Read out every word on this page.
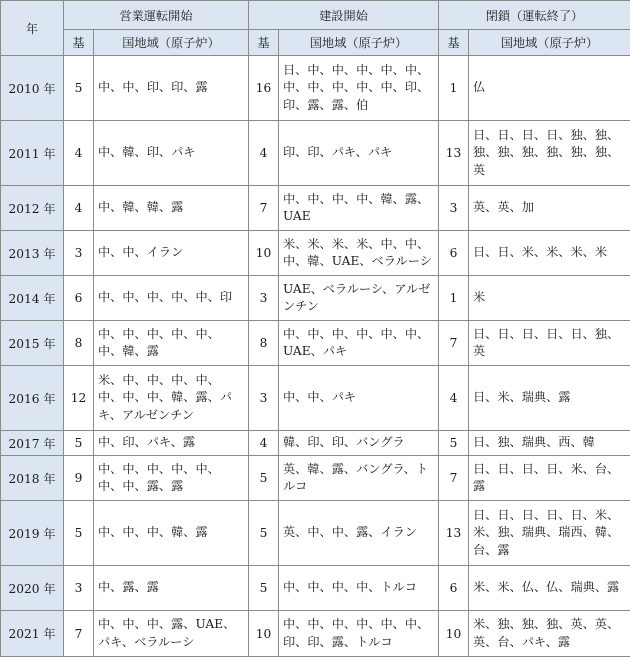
年	営業運転開始		建設開始		閉鎖（運転終了）	
	基	国地域（原子炉）	基	国地域（原子炉）	基	国地域（原子炉）
2010 年	5	中、中、印、印、露	16	日、中、中、中、中、中、中、中、中、中、中、印、印、露、露、伯	1	仏
2011 年	4	中、韓、印、パキ	4	印、印、パキ、パキ	13	日、日、日、日、独、独、独、独、独、独、独、独、英
2012 年	4	中、韓、韓、露	7	中、中、中、中、韓、露、UAE	3	英、英、加
2013 年	3	中、中、イラン	10	米、米、米、米、中、中、中、韓、UAE、ベラルーシ	6	日、日、米、米、米、米
2014 年	6	中、中、中、中、中、印	3	UAE、ベラルーシ、アルゼンチン	1	米
2015 年	8	中、中、中、中、中、中、韓、露	8	中、中、中、中、中、中、UAE、パキ	7	日、日、日、日、日、独、英
2016 年	12	米、中、中、中、中、中、中、中、韓、露、パキ、アルゼンチン	3	中、中、パキ	4	日、米、瑞典、露
2017 年	5	中、印、パキ、露	4	韓、印、印、バングラ	5	日、独、瑞典、西、韓
2018 年	9	中、中、中、中、中、中、中、露、露	5	英、韓、露、バングラ、トルコ	7	日、日、日、日、米、台、露
2019 年	5	中、中、中、韓、露	5	英、中、中、露、イラン	13	日、日、日、日、日、米、米、独、瑞典、瑞西、韓、台、露
2020 年	3	中、露、露	5	中、中、中、中、トルコ	6	米、米、仏、仏、瑞典、露
2021 年	7	中、中、中、露、UAE、パキ、ベラルーシ	10	中、中、中、中、中、中、印、印、露、トルコ	10	米、独、独、独、英、英、英、台、パキ、露
